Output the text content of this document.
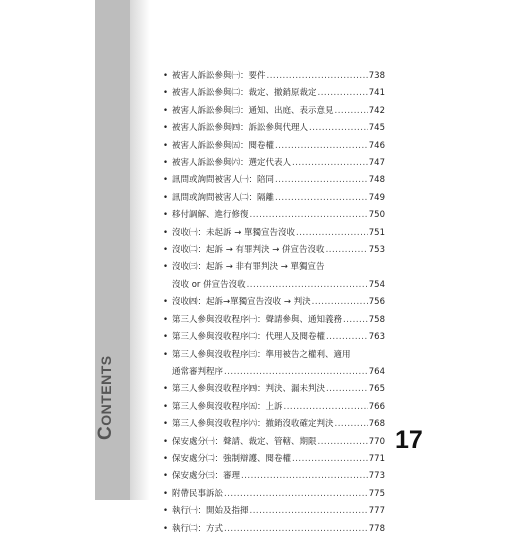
CONTENTS
• 被害人訴訟參與㈠：要件 .....	738
• 被害人訴訟參與㈡：裁定、撤銷原裁定 .....	741
• 被害人訴訟參與㈢：通知、出庭、表示意見 .....	742
• 被害人訴訟參與㈣：訴訟參與代理人 .....	745
• 被害人訴訟參與㈤：閱卷權 .....	746
• 被害人訴訟參與㈥：選定代表人 .....	747
• 訊問或詢問被害人㈠：陪同 .....	748
• 訊問或詢問被害人㈡：隔離 .....	749
• 移付調解、進行修復 .....	750
• 沒收㈠：未起訴 → 單獨宣告沒收 .....	751
• 沒收㈡：起訴 → 有罪判決 → 併宣告沒收 .....	753
• 沒收㈢：起訴 → 非有罪判決 → 單獨宣告
沒收 or 併宣告沒收 .....	754
• 沒收㈣：起訴→單獨宣告沒收 → 判決 .....	756
• 第三人參與沒收程序㈠：聲請參與、通知義務 .....	758
• 第三人參與沒收程序㈡：代理人及閱卷權 .....	763
• 第三人參與沒收程序㈢：準用被告之權利、適用
通常審判程序 .....	764
• 第三人參與沒收程序㈣：判決、漏未判決 .....	765
• 第三人參與沒收程序㈤：上訴 .....	766
• 第三人參與沒收程序㈥：撤銷沒收確定判決 .....	768
• 保安處分㈠：聲請、裁定、管轄、期限 .....	770
• 保安處分㈡：強制辯護、閱卷權 .....	771
• 保安處分㈢：審理 .....	773
• 附帶民事訴訟 .....	775
• 執行㈠：開始及指揮 .....	777
• 執行㈡：方式 .....	778
17
